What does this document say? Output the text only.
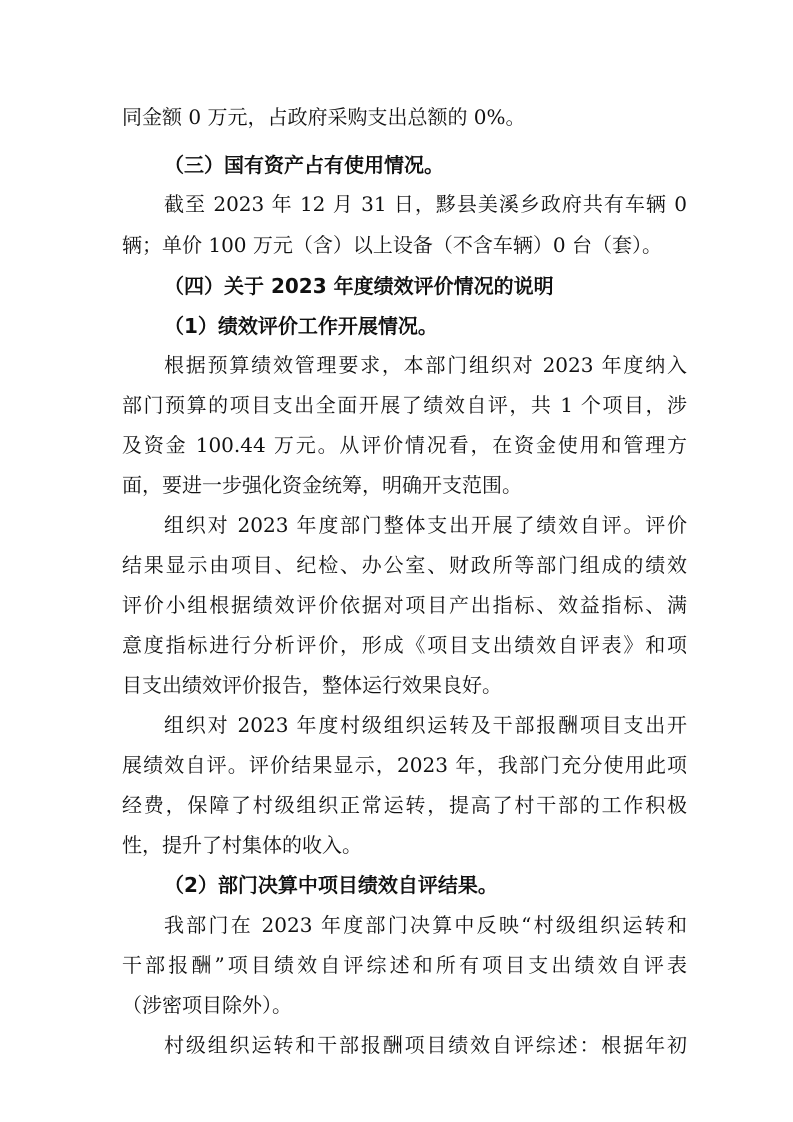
同金额 0 万元，占政府采购支出总额的 0%。
（三）国有资产占有使用情况。
截至 2023 年 12 月 31 日，黟县美溪乡政府共有车辆 0
辆；单价 100 万元（含）以上设备（不含车辆）0 台（套）。
（四）关于 2023 年度绩效评价情况的说明
（1）绩效评价工作开展情况。
根据预算绩效管理要求，本部门组织对 2023 年度纳入
部门预算的项目支出全面开展了绩效自评，共 1 个项目，涉
及资金 100.44 万元。从评价情况看，在资金使用和管理方
面，要进一步强化资金统筹，明确开支范围。
组织对 2023 年度部门整体支出开展了绩效自评。评价
结果显示由项目、纪检、办公室、财政所等部门组成的绩效
评价小组根据绩效评价依据对项目产出指标、效益指标、满
意度指标进行分析评价，形成《项目支出绩效自评表》和项
目支出绩效评价报告，整体运行效果良好。
组织对 2023 年度村级组织运转及干部报酬项目支出开
展绩效自评。评价结果显示，2023 年，我部门充分使用此项
经费，保障了村级组织正常运转，提高了村干部的工作积极
性，提升了村集体的收入。
（2）部门决算中项目绩效自评结果。
我部门在 2023 年度部门决算中反映“村级组织运转和
干部报酬”项目绩效自评综述和所有项目支出绩效自评表
（涉密项目除外）。
村级组织运转和干部报酬项目绩效自评综述：根据年初
